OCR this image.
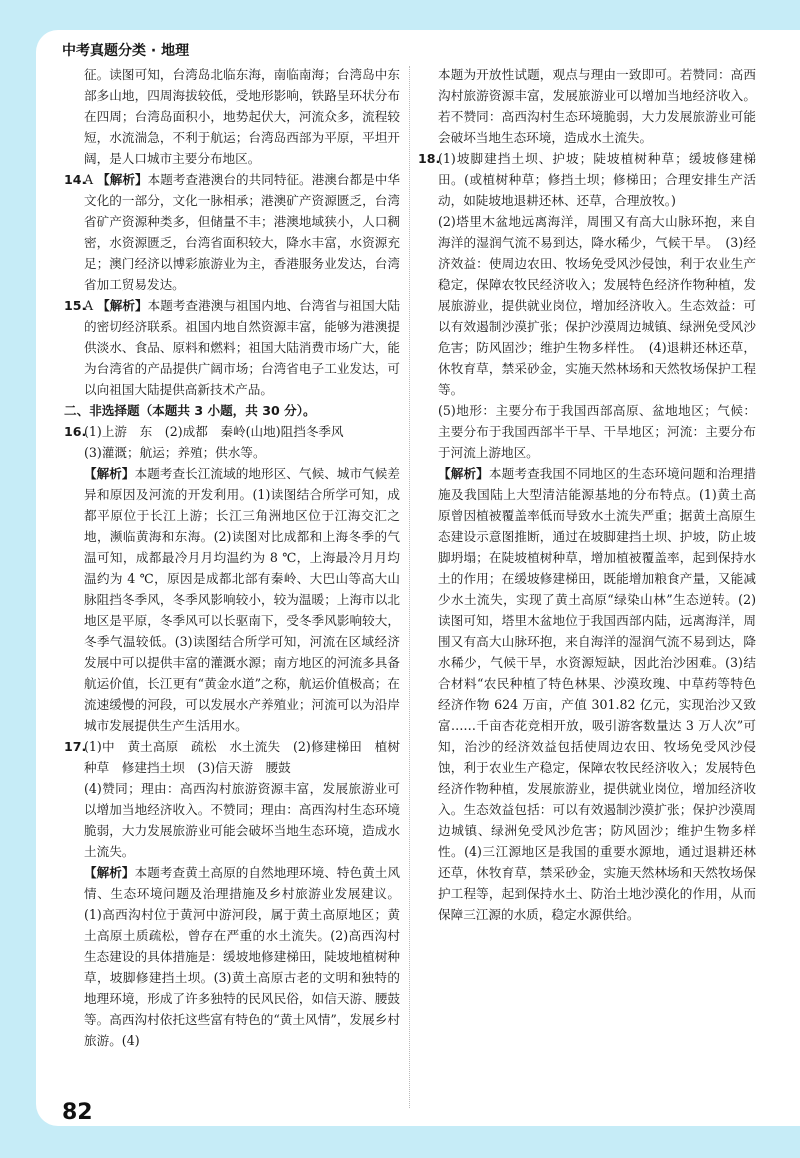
中考真题分类 · 地理

征。读图可知，台湾岛北临东海，南临南海；台湾岛中东部多山地，四周海拔较低，受地形影响，铁路呈环状分布在四周；台湾岛面积小，地势起伏大，河流众多，流程较短，水流湍急，不利于航运；台湾岛西部为平原，平坦开阔，是人口城市主要分布地区。

14.A 【解析】本题考查港澳台的共同特征。港澳台都是中华文化的一部分，文化一脉相承；港澳矿产资源匮乏，台湾省矿产资源种类多，但储量不丰；港澳地域狭小，人口稠密，水资源匮乏，台湾省面积较大，降水丰富，水资源充足；澳门经济以博彩旅游业为主，香港服务业发达，台湾省加工贸易发达。

15.A 【解析】本题考查港澳与祖国内地、台湾省与祖国大陆的密切经济联系。祖国内地自然资源丰富，能够为港澳提供淡水、食品、原料和燃料；祖国大陆消费市场广大，能为台湾省的产品提供广阔市场；台湾省电子工业发达，可以向祖国大陆提供高新技术产品。

二、非选择题（本题共 3 小题，共 30 分）。

16.(1)上游　东　(2)成都　秦岭(山地)阻挡冬季风

(3)灌溉；航运；养殖；供水等。

【解析】本题考查长江流域的地形区、气候、城市气候差异和原因及河流的开发利用。(1)读图结合所学可知，成都平原位于长江上游；长江三角洲地区位于江海交汇之地，濒临黄海和东海。(2)读图对比成都和上海冬季的气温可知，成都最冷月月均温约为 8 ℃，上海最冷月月均温约为 4 ℃，原因是成都北部有秦岭、大巴山等高大山脉阻挡冬季风，冬季风影响较小，较为温暖；上海市以北地区是平原，冬季风可以长驱南下，受冬季风影响较大，冬季气温较低。(3)读图结合所学可知，河流在区域经济发展中可以提供丰富的灌溉水源；南方地区的河流多具备航运价值，长江更有“黄金水道”之称，航运价值极高；在流速缓慢的河段，可以发展水产养殖业；河流可以为沿岸城市发展提供生产生活用水。

17.(1)中　黄土高原　疏松　水土流失　(2)修建梯田　植树种草　修建挡土坝　(3)信天游　腰鼓

(4)赞同；理由：高西沟村旅游资源丰富，发展旅游业可以增加当地经济收入。不赞同；理由：高西沟村生态环境脆弱，大力发展旅游业可能会破坏当地生态环境，造成水土流失。

【解析】本题考查黄土高原的自然地理环境、特色黄土风情、生态环境问题及治理措施及乡村旅游业发展建议。(1)高西沟村位于黄河中游河段，属于黄土高原地区；黄土高原土质疏松，曾存在严重的水土流失。(2)高西沟村生态建设的具体措施是：缓坡地修建梯田，陡坡地植树种草，坡脚修建挡土坝。(3)黄土高原古老的文明和独特的地理环境，形成了许多独特的民风民俗，如信天游、腰鼓等。高西沟村依托这些富有特色的“黄土风情”，发展乡村旅游。(4)

本题为开放性试题，观点与理由一致即可。若赞同：高西沟村旅游资源丰富，发展旅游业可以增加当地经济收入。若不赞同：高西沟村生态环境脆弱，大力发展旅游业可能会破坏当地生态环境，造成水土流失。

18.(1)坡脚建挡土坝、护坡；陡坡植树种草；缓坡修建梯田。(或植树种草；修挡土坝；修梯田；合理安排生产活动，如陡坡地退耕还林、还草，合理放牧。)

(2)塔里木盆地远离海洋，周围又有高大山脉环抱，来自海洋的湿润气流不易到达，降水稀少，气候干旱。　(3)经济效益：使周边农田、牧场免受风沙侵蚀，利于农业生产稳定，保障农牧民经济收入；发展特色经济作物种植，发展旅游业，提供就业岗位，增加经济收入。生态效益：可以有效遏制沙漠扩张；保护沙漠周边城镇、绿洲免受风沙危害；防风固沙；维护生物多样性。　(4)退耕还林还草，休牧育草，禁采砂金，实施天然林场和天然牧场保护工程等。

(5)地形：主要分布于我国西部高原、盆地地区；气候：主要分布于我国西部半干旱、干旱地区；河流：主要分布于河流上游地区。

【解析】本题考查我国不同地区的生态环境问题和治理措施及我国陆上大型清洁能源基地的分布特点。(1)黄土高原曾因植被覆盖率低而导致水土流失严重；据黄土高原生态建设示意图推断，通过在坡脚建挡土坝、护坡，防止坡脚坍塌；在陡坡植树种草，增加植被覆盖率，起到保持水土的作用；在缓坡修建梯田，既能增加粮食产量，又能减少水土流失，实现了黄土高原“绿染山林”生态逆转。(2)读图可知，塔里木盆地位于我国西部内陆，远离海洋，周围又有高大山脉环抱，来自海洋的湿润气流不易到达，降水稀少，气候干旱，水资源短缺，因此治沙困难。(3)结合材料“农民种植了特色林果、沙漠玫瑰、中草药等特色经济作物 624 万亩，产值 301.82 亿元，实现治沙又致富……千亩杏花竞相开放，吸引游客数量达 3 万人次”可知，治沙的经济效益包括使周边农田、牧场免受风沙侵蚀，利于农业生产稳定，保障农牧民经济收入；发展特色经济作物种植，发展旅游业，提供就业岗位，增加经济收入。生态效益包括：可以有效遏制沙漠扩张；保护沙漠周边城镇、绿洲免受风沙危害；防风固沙；维护生物多样性。(4)三江源地区是我国的重要水源地，通过退耕还林还草，休牧育草，禁采砂金，实施天然林场和天然牧场保护工程等，起到保持水土、防治土地沙漠化的作用，从而保障三江源的水质，稳定水源供给。

82
